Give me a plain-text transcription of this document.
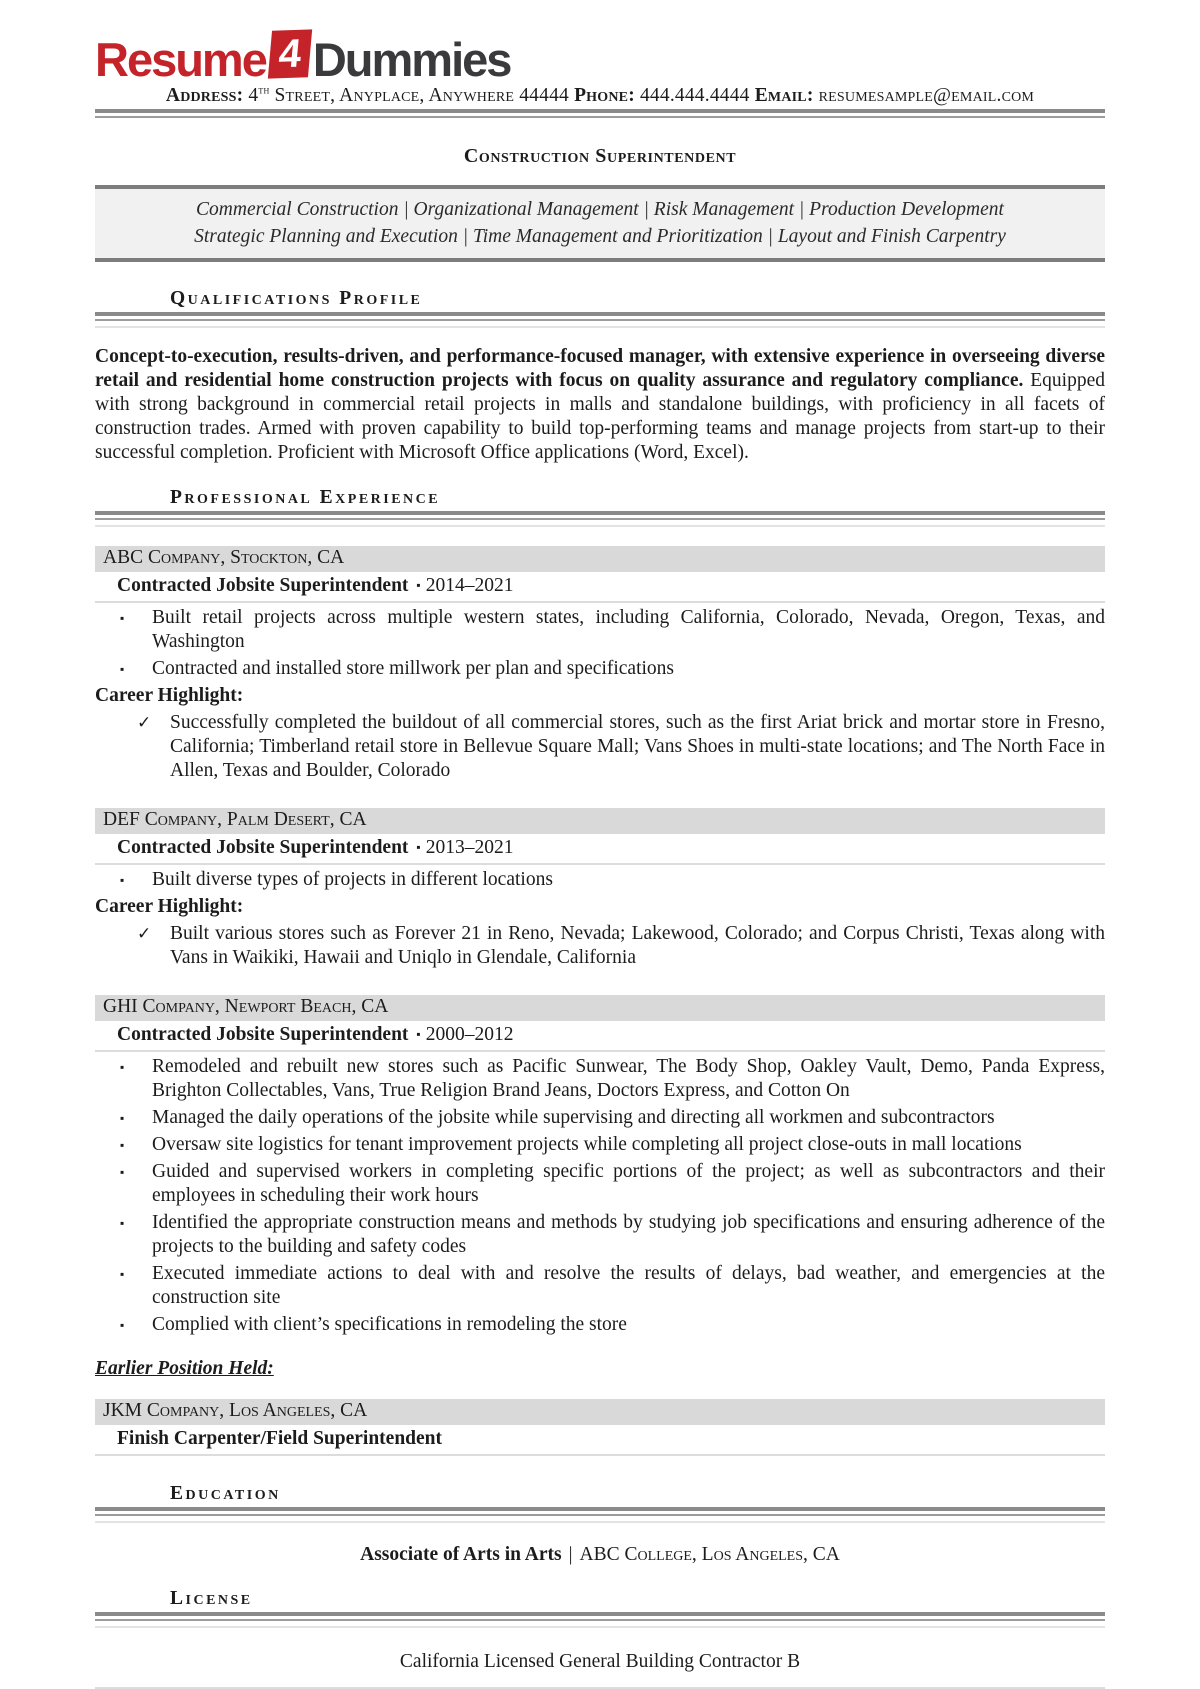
Resume 4 Dummies
Address: 4th Street, Anyplace, Anywhere 44444 Phone: 444.444.4444 Email: resumesample@email.com
Construction Superintendent
Commercial Construction | Organizational Management | Risk Management | Production Development
Strategic Planning and Execution | Time Management and Prioritization | Layout and Finish Carpentry
Qualifications Profile
Concept-to-execution, results-driven, and performance-focused manager, with extensive experience in overseeing diverse retail and residential home construction projects with focus on quality assurance and regulatory compliance. Equipped with strong background in commercial retail projects in malls and standalone buildings, with proficiency in all facets of construction trades. Armed with proven capability to build top-performing teams and manage projects from start-up to their successful completion. Proficient with Microsoft Office applications (Word, Excel).
Professional Experience
ABC Company, Stockton, CA
Contracted Jobsite Superintendent ▪ 2014–2021
▪	Built retail projects across multiple western states, including California, Colorado, Nevada, Oregon, Texas, and Washington
▪	Contracted and installed store millwork per plan and specifications
Career Highlight:
✓ Successfully completed the buildout of all commercial stores, such as the first Ariat brick and mortar store in Fresno, California; Timberland retail store in Bellevue Square Mall; Vans Shoes in multi-state locations; and The North Face in Allen, Texas and Boulder, Colorado
DEF Company, Palm Desert, CA
Contracted Jobsite Superintendent ▪ 2013–2021
▪	Built diverse types of projects in different locations
Career Highlight:
✓ Built various stores such as Forever 21 in Reno, Nevada; Lakewood, Colorado; and Corpus Christi, Texas along with Vans in Waikiki, Hawaii and Uniqlo in Glendale, California
GHI Company, Newport Beach, CA
Contracted Jobsite Superintendent ▪ 2000–2012
▪	Remodeled and rebuilt new stores such as Pacific Sunwear, The Body Shop, Oakley Vault, Demo, Panda Express, Brighton Collectables, Vans, True Religion Brand Jeans, Doctors Express, and Cotton On
▪	Managed the daily operations of the jobsite while supervising and directing all workmen and subcontractors
▪	Oversaw site logistics for tenant improvement projects while completing all project close-outs in mall locations
▪	Guided and supervised workers in completing specific portions of the project; as well as subcontractors and their employees in scheduling their work hours
▪	Identified the appropriate construction means and methods by studying job specifications and ensuring adherence of the projects to the building and safety codes
▪	Executed immediate actions to deal with and resolve the results of delays, bad weather, and emergencies at the construction site
▪	Complied with client’s specifications in remodeling the store
Earlier Position Held:
JKM Company, Los Angeles, CA
Finish Carpenter/Field Superintendent
Education
Associate of Arts in Arts | ABC College, Los Angeles, CA
License
California Licensed General Building Contractor B
